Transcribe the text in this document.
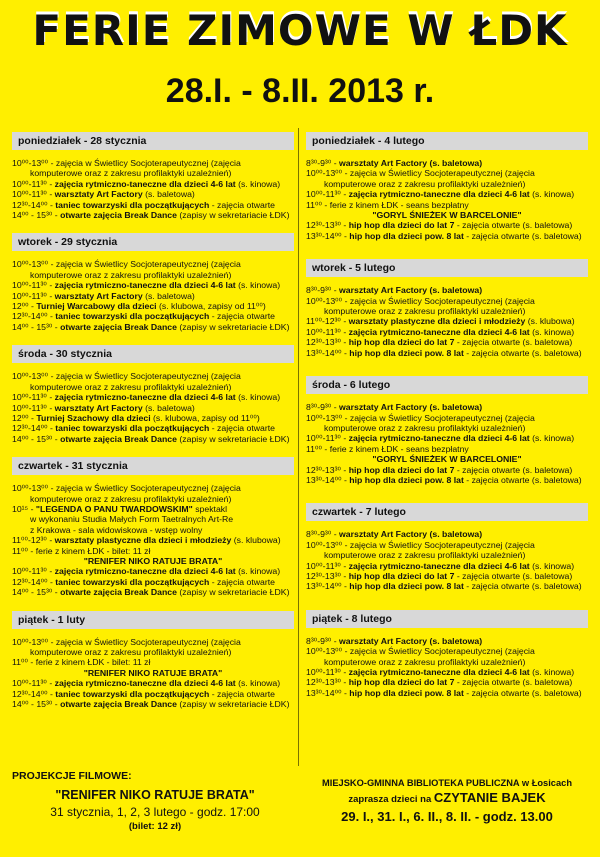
FERIE ZIMOWE W ŁDK
28.I. - 8.II. 2013 r.
poniedziałek - 28 stycznia
10⁰⁰-13⁰⁰ - zajęcia w Świetlicy Socjoterapeutycznej (zajęcia
komputerowe oraz z zakresu profilaktyki uzależnień)
10⁰⁰-11³⁰ - zajęcia rytmiczno-taneczne dla dzieci 4-6 lat (s. kinowa)
10⁰⁰-11³⁰ - warsztaty Art Factory (s. baletowa)
12³⁰-14⁰⁰ - taniec towarzyski dla początkujących - zajęcia otwarte
14⁰⁰ - 15³⁰ - otwarte zajęcia Break Dance (zapisy w sekretariacie ŁDK)
wtorek - 29 stycznia
10⁰⁰-13⁰⁰ - zajęcia w Świetlicy Socjoterapeutycznej (zajęcia
komputerowe oraz z zakresu profilaktyki uzależnień)
10⁰⁰-11³⁰ - zajęcia rytmiczno-taneczne dla dzieci 4-6 lat (s. kinowa)
10⁰⁰-11³⁰ - warsztaty Art Factory (s. baletowa)
12⁰⁰ - Turniej Warcabowy dla dzieci (s. klubowa, zapisy od 11⁰⁰)
12³⁰-14⁰⁰ - taniec towarzyski dla początkujących - zajęcia otwarte
14⁰⁰ - 15³⁰ - otwarte zajęcia Break Dance (zapisy w sekretariacie ŁDK)
środa - 30 stycznia
10⁰⁰-13⁰⁰ - zajęcia w Świetlicy Socjoterapeutycznej (zajęcia
komputerowe oraz z zakresu profilaktyki uzależnień)
10⁰⁰-11³⁰ - zajęcia rytmiczno-taneczne dla dzieci 4-6 lat (s. kinowa)
10⁰⁰-11³⁰ - warsztaty Art Factory (s. baletowa)
12⁰⁰ - Turniej Szachowy dla dzieci (s. klubowa, zapisy od 11⁰⁰)
12³⁰-14⁰⁰ - taniec towarzyski dla początkujących - zajęcia otwarte
14⁰⁰ - 15³⁰ - otwarte zajęcia Break Dance (zapisy w sekretariacie ŁDK)
czwartek - 31 stycznia
10⁰⁰-13⁰⁰ - zajęcia w Świetlicy Socjoterapeutycznej (zajęcia
komputerowe oraz z zakresu profilaktyki uzależnień)
10¹⁵ - "LEGENDA O PANU TWARDOWSKIM" spektakl
w wykonaniu Studia Małych Form Taetralnych Art-Re
z Krakowa - sala widowiskowa - wstęp wolny
11⁰⁰-12³⁰ - warsztaty plastyczne dla dzieci i młodzieży (s. klubowa)
11⁰⁰ - ferie z kinem ŁDK - bilet: 11 zł
"RENIFER NIKO RATUJE BRATA"
10⁰⁰-11³⁰ - zajęcia rytmiczno-taneczne dla dzieci 4-6 lat (s. kinowa)
12³⁰-14⁰⁰ - taniec towarzyski dla początkujących - zajęcia otwarte
14⁰⁰ - 15³⁰ - otwarte zajęcia Break Dance (zapisy w sekretariacie ŁDK)
piątek - 1 luty
10⁰⁰-13⁰⁰ - zajęcia w Świetlicy Socjoterapeutycznej (zajęcia
komputerowe oraz z zakresu profilaktyki uzależnień)
11⁰⁰ - ferie z kinem ŁDK - bilet: 11 zł
"RENIFER NIKO RATUJE BRATA"
10⁰⁰-11³⁰ - zajęcia rytmiczno-taneczne dla dzieci 4-6 lat (s. kinowa)
12³⁰-14⁰⁰ - taniec towarzyski dla początkujących - zajęcia otwarte
14⁰⁰ - 15³⁰ - otwarte zajęcia Break Dance (zapisy w sekretariacie ŁDK)
poniedziałek - 4 lutego
8³⁰-9³⁰ - warsztaty Art Factory (s. baletowa)
10⁰⁰-13⁰⁰ - zajęcia w Świetlicy Socjoterapeutycznej (zajęcia
komputerowe oraz z zakresu profilaktyki uzależnień)
10⁰⁰-11³⁰ - zajęcia rytmiczno-taneczne dla dzieci 4-6 lat (s. kinowa)
11⁰⁰ - ferie z kinem ŁDK - seans bezpłatny
"GORYL ŚNIEŻEK W BARCELONIE"
12³⁰-13³⁰ - hip hop dla dzieci do lat 7 - zajęcia otwarte (s. baletowa)
13³⁰-14⁰⁰ - hip hop dla dzieci pow. 8 lat - zajęcia otwarte (s. baletowa)
wtorek - 5 lutego
8³⁰-9³⁰ - warsztaty Art Factory (s. baletowa)
10⁰⁰-13⁰⁰ - zajęcia w Świetlicy Socjoterapeutycznej (zajęcia
komputerowe oraz z zakresu profilaktyki uzależnień)
11⁰⁰-12³⁰ - warsztaty plastyczne dla dzieci i młodzieży (s. klubowa)
10⁰⁰-11³⁰ - zajęcia rytmiczno-taneczne dla dzieci 4-6 lat (s. kinowa)
12³⁰-13³⁰ - hip hop dla dzieci do lat 7 - zajęcia otwarte (s. baletowa)
13³⁰-14⁰⁰ - hip hop dla dzieci pow. 8 lat - zajęcia otwarte (s. baletowa)
środa - 6 lutego
8³⁰-9³⁰ - warsztaty Art Factory (s. baletowa)
10⁰⁰-13⁰⁰ - zajęcia w Świetlicy Socjoterapeutycznej (zajęcia
komputerowe oraz z zakresu profilaktyki uzależnień)
10⁰⁰-11³⁰ - zajęcia rytmiczno-taneczne dla dzieci 4-6 lat (s. kinowa)
11⁰⁰ - ferie z kinem ŁDK - seans bezpłatny
"GORYL ŚNIEŻEK W BARCELONIE"
12³⁰-13³⁰ - hip hop dla dzieci do lat 7 - zajęcia otwarte (s. baletowa)
13³⁰-14⁰⁰ - hip hop dla dzieci pow. 8 lat - zajęcia otwarte (s. baletowa)
czwartek - 7 lutego
8³⁰-9³⁰ - warsztaty Art Factory (s. baletowa)
10⁰⁰-13⁰⁰ - zajęcia w Świetlicy Socjoterapeutycznej (zajęcia
komputerowe oraz z zakresu profilaktyki uzależnień)
10⁰⁰-11³⁰ - zajęcia rytmiczno-taneczne dla dzieci 4-6 lat (s. kinowa)
12³⁰-13³⁰ - hip hop dla dzieci do lat 7 - zajęcia otwarte (s. baletowa)
13³⁰-14⁰⁰ - hip hop dla dzieci pow. 8 lat - zajęcia otwarte (s. baletowa)
piątek - 8 lutego
8³⁰-9³⁰ - warsztaty Art Factory (s. baletowa)
10⁰⁰-13⁰⁰ - zajęcia w Świetlicy Socjoterapeutycznej (zajęcia
komputerowe oraz z zakresu profilaktyki uzależnień)
10⁰⁰-11³⁰ - zajęcia rytmiczno-taneczne dla dzieci 4-6 lat (s. kinowa)
12³⁰-13³⁰ - hip hop dla dzieci do lat 7 - zajęcia otwarte (s. baletowa)
13³⁰-14⁰⁰ - hip hop dla dzieci pow. 8 lat - zajęcia otwarte (s. baletowa)
PROJEKCJE FILMOWE:
"RENIFER NIKO RATUJE BRATA"
31 stycznia, 1, 2, 3 lutego - godz. 17:00
(bilet: 12 zł)
MIEJSKO-GMINNA BIBLIOTEKA PUBLICZNA w Łosicach
zaprasza dzieci na CZYTANIE BAJEK
29. I., 31. I., 6. II., 8. II. - godz. 13.00
